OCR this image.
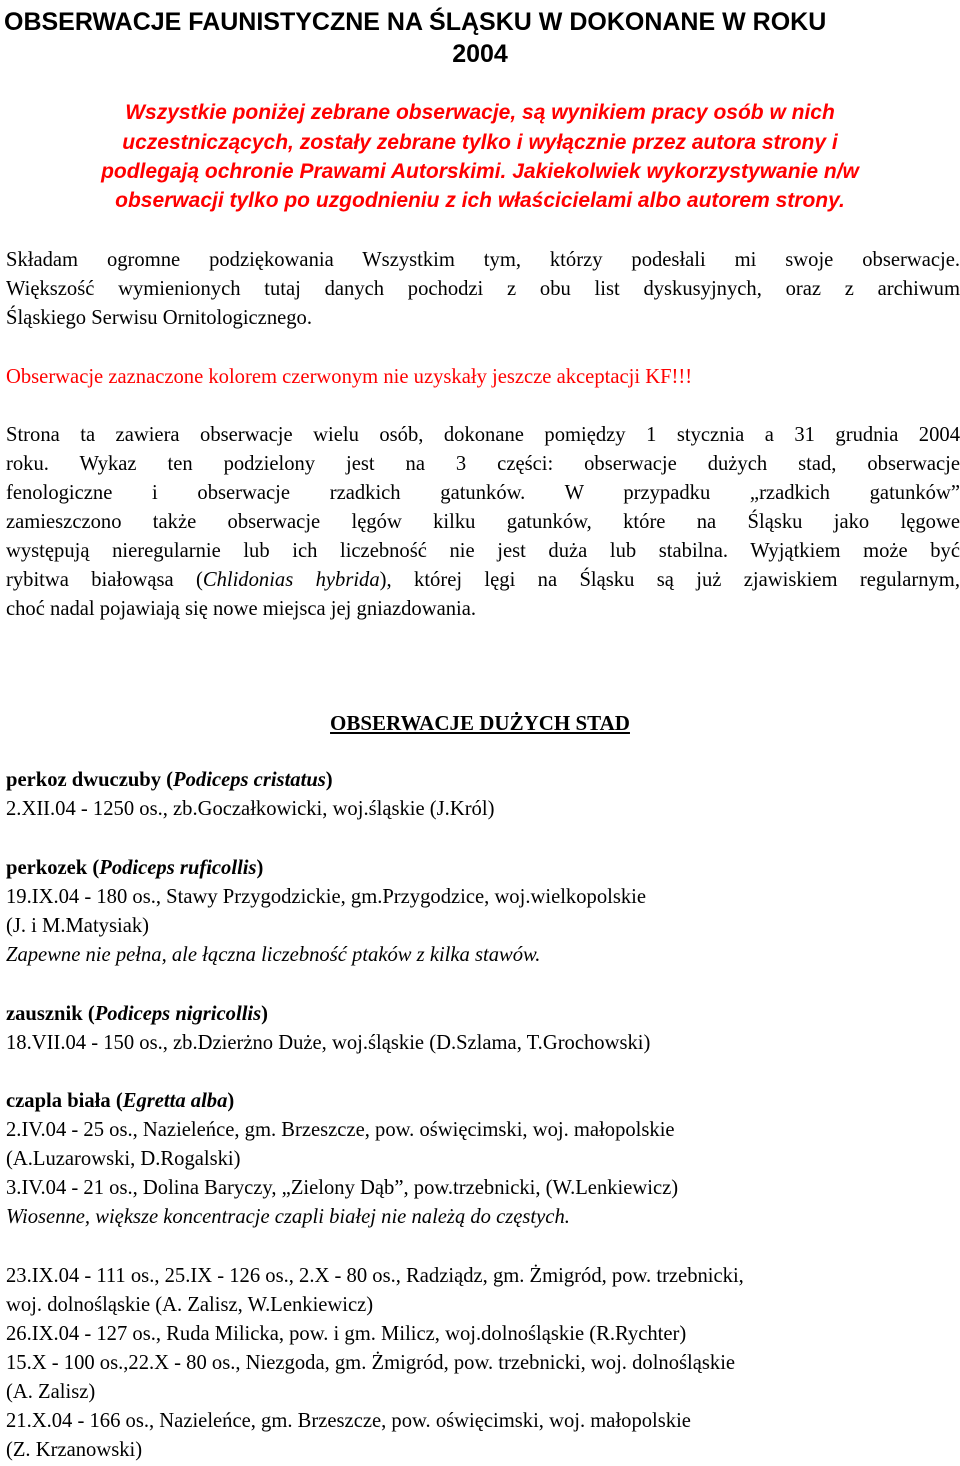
OBSERWACJE FAUNISTYCZNE NA ŚLĄSKU W DOKONANE W ROKU
2004
Wszystkie poniżej zebrane obserwacje, są wynikiem pracy osób w nich
uczestniczących, zostały zebrane tylko i wyłącznie przez autora strony i
podlegają ochronie Prawami Autorskimi. Jakiekolwiek wykorzystywanie n/w
obserwacji tylko po uzgodnieniu z ich właścicielami albo autorem strony.
Składam ogromne podziękowania Wszystkim tym, którzy podesłali mi swoje obserwacje.
Większość wymienionych tutaj danych pochodzi z obu list dyskusyjnych, oraz z archiwum
Śląskiego Serwisu Ornitologicznego.
Obserwacje zaznaczone kolorem czerwonym nie uzyskały jeszcze akceptacji KF!!!
Strona ta zawiera obserwacje wielu osób, dokonane pomiędzy 1 stycznia a 31 grudnia 2004
roku. Wykaz ten podzielony jest na 3 części: obserwacje dużych stad, obserwacje
fenologiczne i obserwacje rzadkich gatunków. W przypadku „rzadkich gatunków”
zamieszczono także obserwacje lęgów kilku gatunków, które na Śląsku jako lęgowe
występują nieregularnie lub ich liczebność nie jest duża lub stabilna. Wyjątkiem może być
rybitwa białowąsa (Chlidonias hybrida), której lęgi na Śląsku są już zjawiskiem regularnym,
choć nadal pojawiają się nowe miejsca jej gniazdowania.
OBSERWACJE DUŻYCH STAD
perkoz dwuczuby (Podiceps cristatus)
2.XII.04 - 1250 os., zb.Goczałkowicki, woj.śląskie (J.Król)
perkozek (Podiceps ruficollis)
19.IX.04 - 180 os., Stawy Przygodzickie, gm.Przygodzice, woj.wielkopolskie
(J. i M.Matysiak)
Zapewne nie pełna, ale łączna liczebność ptaków z kilka stawów.
zausznik (Podiceps nigricollis)
18.VII.04 - 150 os., zb.Dzierżno Duże, woj.śląskie (D.Szlama, T.Grochowski)
czapla biała (Egretta alba)
2.IV.04 - 25 os., Nazieleńce, gm. Brzeszcze, pow. oświęcimski, woj. małopolskie
(A.Luzarowski, D.Rogalski)
3.IV.04 - 21 os., Dolina Baryczy, „Zielony Dąb”, pow.trzebnicki, (W.Lenkiewicz)
Wiosenne, większe koncentracje czapli białej nie należą do częstych.
23.IX.04 - 111 os., 25.IX - 126 os., 2.X - 80 os., Radziądz, gm. Żmigród, pow. trzebnicki,
woj. dolnośląskie (A. Zalisz, W.Lenkiewicz)
26.IX.04 - 127 os., Ruda Milicka, pow. i gm. Milicz, woj.dolnośląskie (R.Rychter)
15.X - 100 os.,22.X - 80 os., Niezgoda, gm. Żmigród, pow. trzebnicki, woj. dolnośląskie
(A. Zalisz)
21.X.04 - 166 os., Nazieleńce, gm. Brzeszcze, pow. oświęcimski, woj. małopolskie
(Z. Krzanowski)
